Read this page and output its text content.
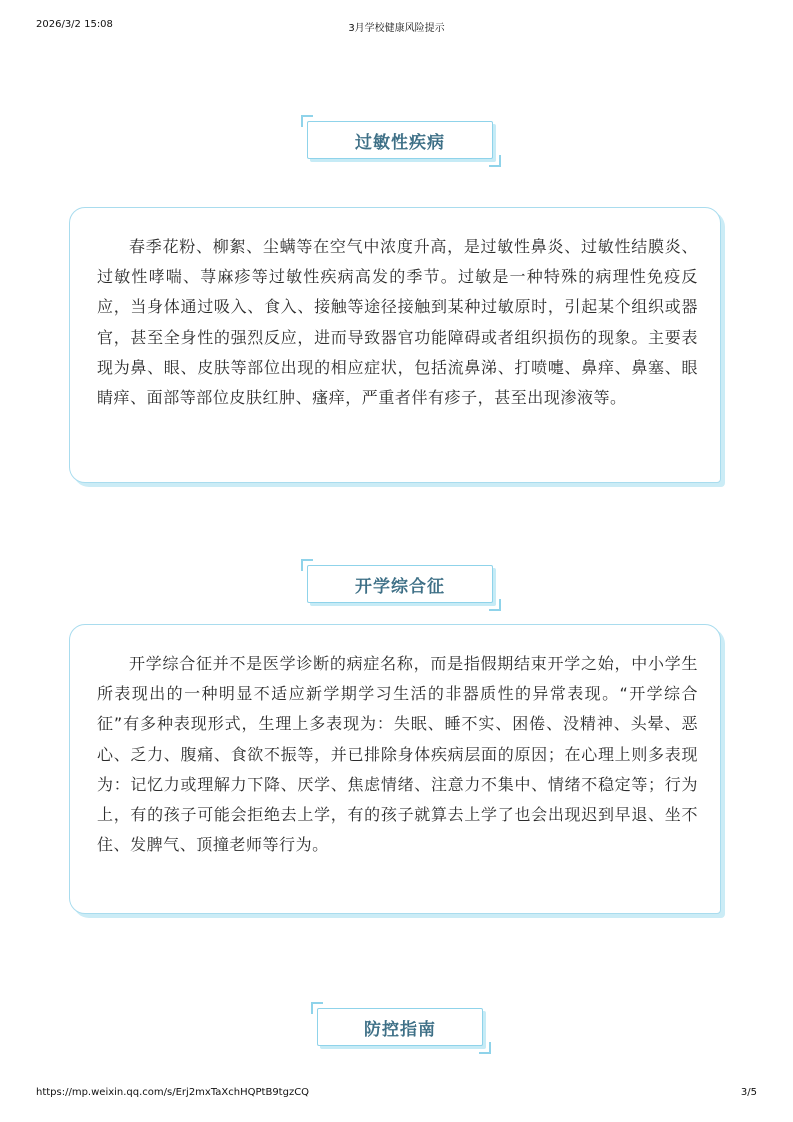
2026/3/2 15:08	3月学校健康风险提示
过敏性疾病

春季花粉、柳絮、尘螨等在空气中浓度升高，是过敏性鼻炎、过敏性结膜炎、过敏性哮喘、荨麻疹等过敏性疾病高发的季节。过敏是一种特殊的病理性免疫反应，当身体通过吸入、食入、接触等途径接触到某种过敏原时，引起某个组织或器官，甚至全身性的强烈反应，进而导致器官功能障碍或者组织损伤的现象。主要表现为鼻、眼、皮肤等部位出现的相应症状，包括流鼻涕、打喷嚏、鼻痒、鼻塞、眼睛痒、面部等部位皮肤红肿、瘙痒，严重者伴有疹子，甚至出现渗液等。

开学综合征

开学综合征并不是医学诊断的病症名称，而是指假期结束开学之始，中小学生所表现出的一种明显不适应新学期学习生活的非器质性的异常表现。“开学综合征”有多种表现形式，生理上多表现为：失眠、睡不实、困倦、没精神、头晕、恶心、乏力、腹痛、食欲不振等，并已排除身体疾病层面的原因；在心理上则多表现为：记忆力或理解力下降、厌学、焦虑情绪、注意力不集中、情绪不稳定等；行为上，有的孩子可能会拒绝去上学，有的孩子就算去上学了也会出现迟到早退、坐不住、发脾气、顶撞老师等行为。

防控指南
https://mp.weixin.qq.com/s/Erj2mxTaXchHQPtB9tgzCQ	3/5
